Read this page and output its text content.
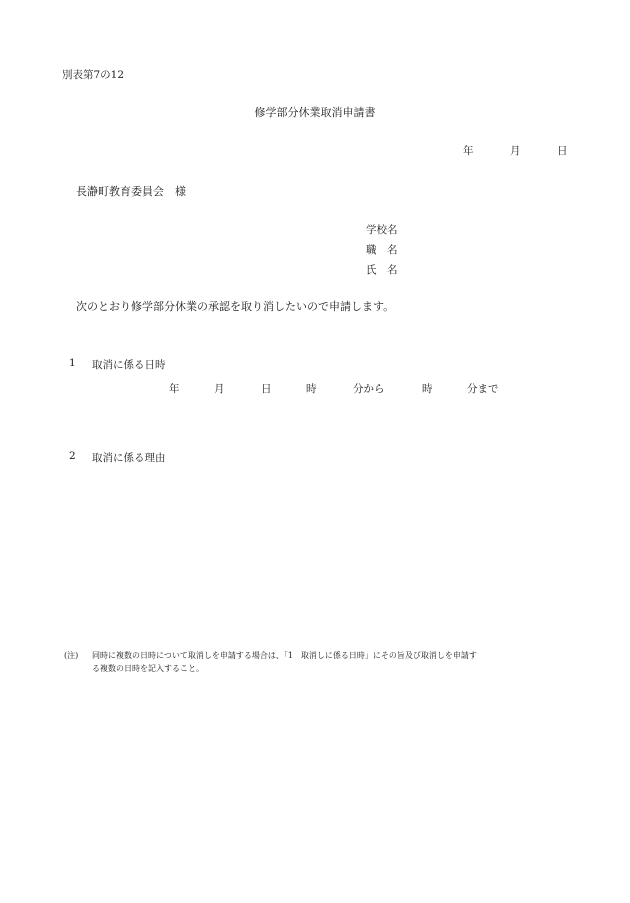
別表第7の12
修学部分休業取消申請書
年	月	日
長瀞町教育委員会　様
学校名
職　名
氏　名
次のとおり修学部分休業の承認を取り消したいので申請します。
1 取消に係る日時
年	月	日	時	分から	時	分まで
2 取消に係る理由
(注) 同時に複数の日時について取消しを申請する場合は、「1　取消しに係る日時」にその旨及び取消しを申請す
る複数の日時を記入すること。
